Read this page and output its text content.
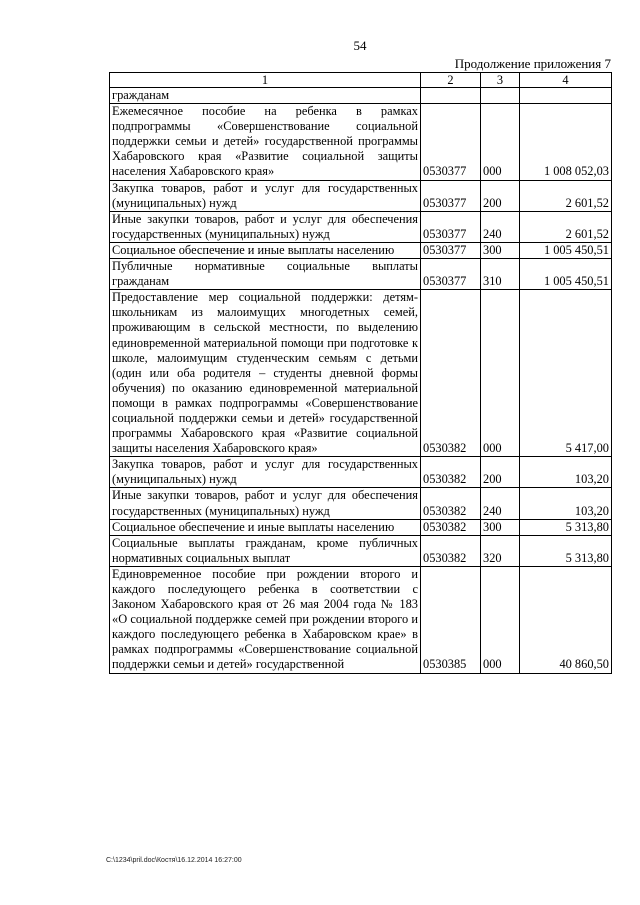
54
Продолжение приложения 7
1	2	3	4
гражданам			
Ежемесячное пособие на ребенка в рамках подпрограммы «Совершенствование социальной поддержки семьи и детей» государственной программы Хабаровского края «Развитие социальной защиты населения Хабаровского края»	0530377	000	1 008 052,03
Закупка товаров, работ и услуг для государственных (муниципальных) нужд	0530377	200	2 601,52
Иные закупки товаров, работ и услуг для обеспечения государственных (муниципальных) нужд	0530377	240	2 601,52
Социальное обеспечение и иные выплаты населению	0530377	300	1 005 450,51
Публичные нормативные социальные выплаты гражданам	0530377	310	1 005 450,51
Предоставление мер социальной поддержки: детям-школьникам из малоимущих многодетных семей, проживающим в сельской местности, по выделению единовременной материальной помощи при подготовке к школе, малоимущим студенческим семьям с детьми (один или оба родителя – студенты дневной формы обучения) по оказанию единовременной материальной помощи в рамках подпрограммы «Совершенствование социальной поддержки семьи и детей» государственной программы Хабаровского края «Развитие социальной защиты населения Хабаровского края»	0530382	000	5 417,00
Закупка товаров, работ и услуг для государственных (муниципальных) нужд	0530382	200	103,20
Иные закупки товаров, работ и услуг для обеспечения государственных (муниципальных) нужд	0530382	240	103,20
Социальное обеспечение и иные выплаты населению	0530382	300	5 313,80
Социальные выплаты гражданам, кроме публичных нормативных социальных выплат	0530382	320	5 313,80
Единовременное пособие при рождении второго и каждого последующего ребенка в соответствии с Законом Хабаровского края от 26 мая 2004 года № 183 «О социальной поддержке семей при рождении второго и каждого последующего ребенка в Хабаровском крае» в рамках подпрограммы «Совершенствование социальной поддержки семьи и детей» государственной	0530385	000	40 860,50
C:\1234\pril.doc\Костя\16.12.2014 16:27:00
